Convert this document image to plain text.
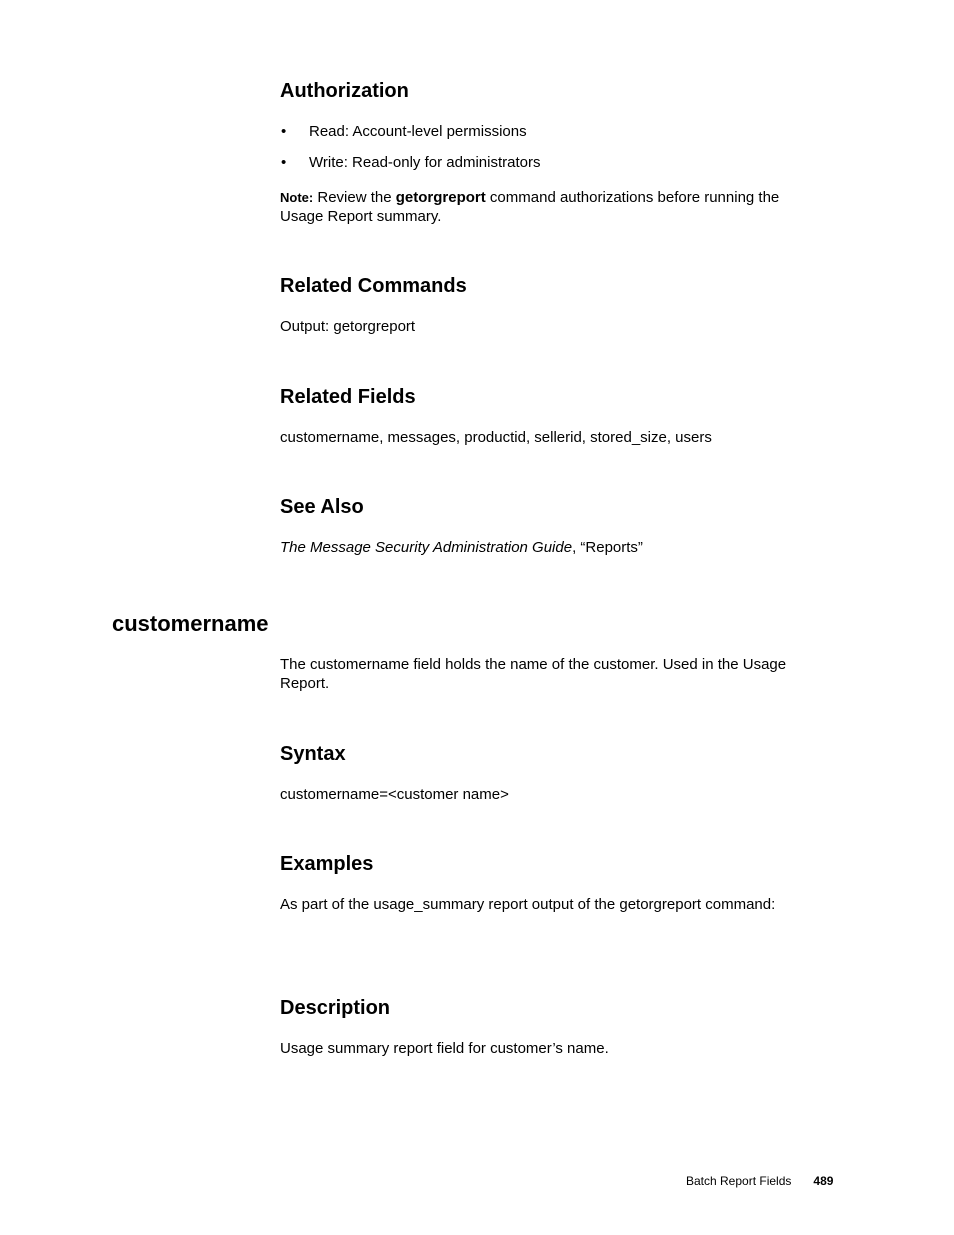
Authorization
• Read: Account-level permissions
• Write: Read-only for administrators

Note: Review the getorgreport command authorizations before running the Usage Report summary.

Related Commands

Output: getorgreport

Related Fields

customername, messages, productid, sellerid, stored_size, users

See Also

The Message Security Administration Guide, “Reports”

customername

The customername field holds the name of the customer. Used in the Usage Report.

Syntax

customername=<customer name>

Examples

As part of the usage_summary report output of the getorgreport command:

Description

Usage summary report field for customer’s name.

Batch Report Fields 489
